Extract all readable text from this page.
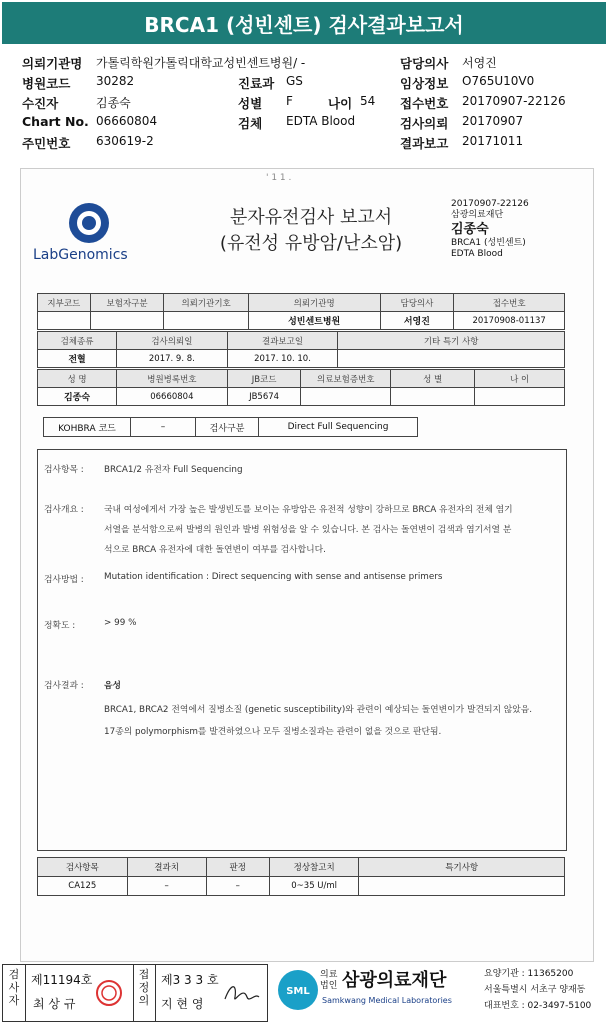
BRCA1 (성빈센트) 검사결과보고서
의뢰기관명 가톨릭학원가톨릭대학교성빈센트병원/ -	담당의사 서영진
병원코드 30282	진료과 GS	임상정보 O765U10V0
수진자	김종숙	성별 F	나이 54 접수번호 20170907-22126
Chart No. 06660804	검체 EDTA Blood	검사의뢰 20170907
주민번호 630619-2	결과보고 20171011
' 1 1 .
LabGenomics
분자유전검사 보고서
(유전성 유방암/난소암)
20170907-22126
삼광의료재단
김종숙
BRCA1 (성빈센트)
EDTA Blood
지부코드	보험자구분	의뢰기관기호	의뢰기관명	담당의사	접수번호
			성빈센트병원	서영진	20170908-01137
검체종류	검사의뢰일	결과보고일	기타 특기 사항
전혈	2017. 9. 8.	2017. 10. 10.	
성 명	병원병록번호	JB코드	의료보험증번호	성 별	나 이
김종숙	06660804	JB5674			
KOHBRA 코드	–	검사구분	Direct Full Sequencing
검사항목 : BRCA1/2 유전자 Full Sequencing
검사개요 : 국내 여성에게서 가장 높은 발생빈도를 보이는 유방암은 유전적 성향이 강하므로 BRCA 유전자의 전체 염기
서열을 분석함으로써 발병의 원인과 발병 위험성을 알 수 있습니다. 본 검사는 돌연변이 검색과 염기서열 분
석으로 BRCA 유전자에 대한 돌연변이 여부를 검사합니다.
검사방법 : Mutation identification : Direct sequencing with sense and antisense primers
정확도 :	> 99 %
검사결과 : 음성
BRCA1, BRCA2 전역에서 질병소질 (genetic susceptibility)와 관련이 예상되는 돌연변이가 발견되지 않았음.
17종의 polymorphism를 발견하였으나 모두 질병소질과는 관련이 없을 것으로 판단됨.
검사항목	결과치	판정	정상참고치	특기사항
CA125	–	–	0~35 U/ml	
검사자
제11194호
최 상 규
접정의
제3 3 3 호
지 현 영
SML
의료법인 삼광의료재단
Samkwang Medical Laboratories
요양기관 : 11365200
서울특별시 서초구 양재동
대표번호 : 02-3497-5100
